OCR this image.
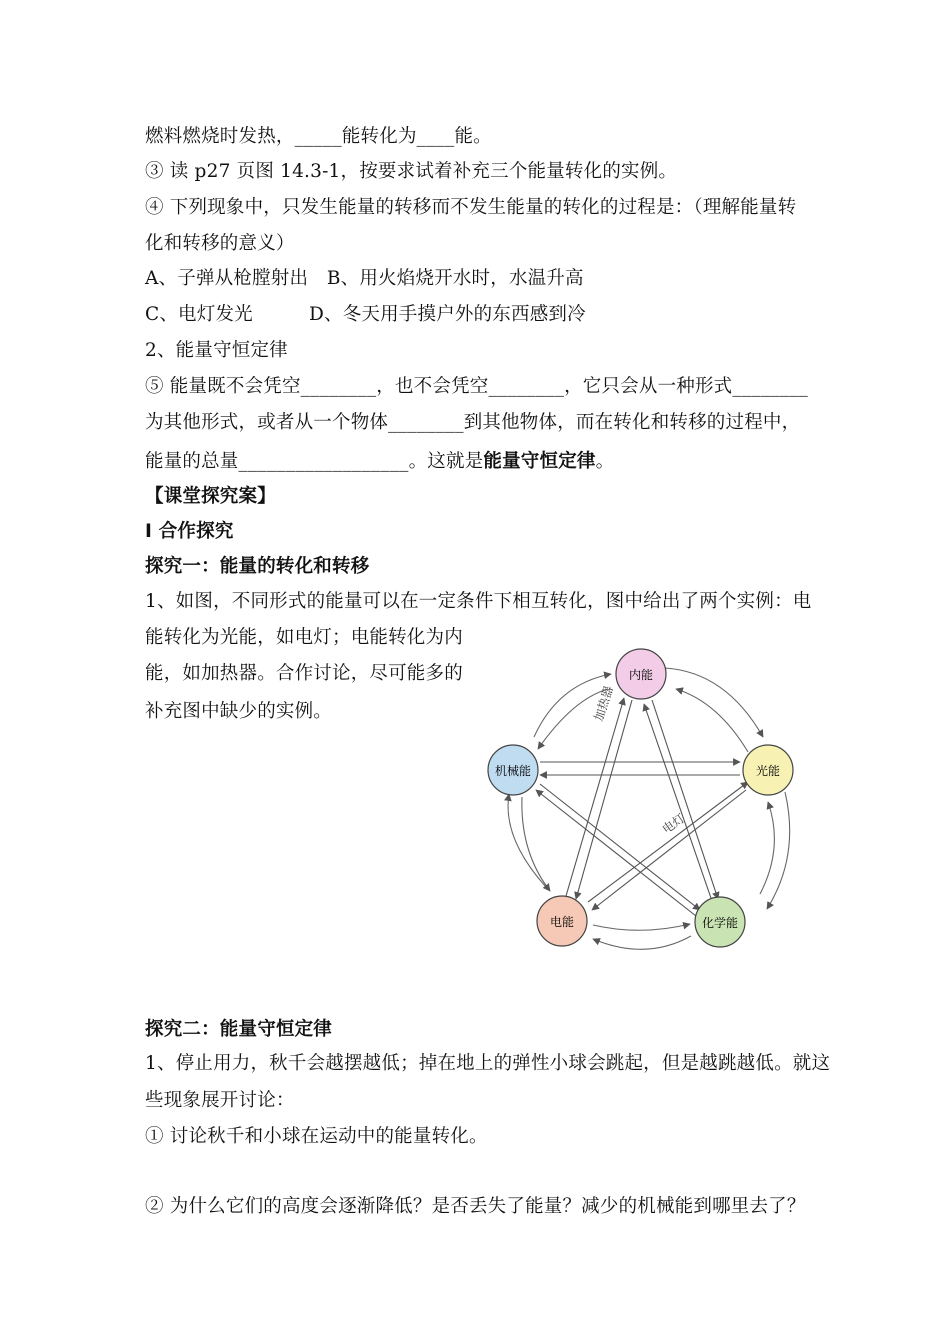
燃料燃烧时发热，_____能转化为____能。
③ 读 p27 页图 14.3-1，按要求试着补充三个能量转化的实例。
④ 下列现象中，只发生能量的转移而不发生能量的转化的过程是：（理解能量转
化和转移的意义）
A、子弹从枪膛射出　B、用火焰烧开水时，水温升高
C、电灯发光　　　D、冬天用手摸户外的东西感到冷
2、能量守恒定律
⑤ 能量既不会凭空________，也不会凭空________，它只会从一种形式________
为其他形式，或者从一个物体________到其他物体，而在转化和转移的过程中，
能量的总量__________________。这就是能量守恒定律。
【课堂探究案】
Ⅰ 合作探究
探究一：能量的转化和转移
1、如图，不同形式的能量可以在一定条件下相互转化，图中给出了两个实例：电
能转化为光能，如电灯；电能转化为内
能，如加热器。合作讨论，尽可能多的
补充图中缺少的实例。	加热器
电灯
内能
光能
化学能
电能
机械能
探究二：能量守恒定律
1、停止用力，秋千会越摆越低；掉在地上的弹性小球会跳起，但是越跳越低。就这
些现象展开讨论：
① 讨论秋千和小球在运动中的能量转化。
② 为什么它们的高度会逐渐降低？是否丢失了能量？减少的机械能到哪里去了？
